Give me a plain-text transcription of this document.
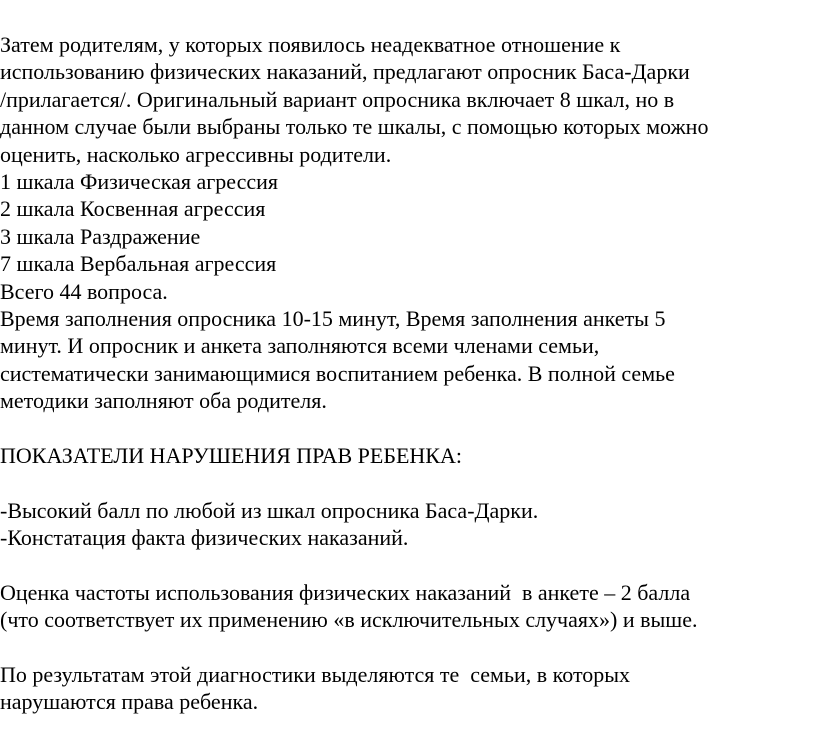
Затем родителям, у которых появилось неадекватное отношение к
использованию физических наказаний, предлагают опросник Баса-Дарки
/прилагается/. Оригинальный вариант опросника включает 8 шкал, но в
данном случае были выбраны только те шкалы, с помощью которых можно
оценить, насколько агрессивны родители.
1 шкала Физическая агрессия
2 шкала Косвенная агрессия
3 шкала Раздражение
7 шкала Вербальная агрессия
Всего 44 вопроса.
Время заполнения опросника 10-15 минут, Время заполнения анкеты 5
минут. И опросник и анкета заполняются всеми членами семьи,
систематически занимающимися воспитанием ребенка. В полной семье
методики заполняют оба родителя.
ПОКАЗАТЕЛИ НАРУШЕНИЯ ПРАВ РЕБЕНКА:
-Высокий балл по любой из шкал опросника Баса-Дарки.
-Констатация факта физических наказаний.
Оценка частоты использования физических наказаний  в анкете – 2 балла
(что соответствует их применению «в исключительных случаях») и выше.
По результатам этой диагностики выделяются те  семьи, в которых
нарушаются права ребенка.
